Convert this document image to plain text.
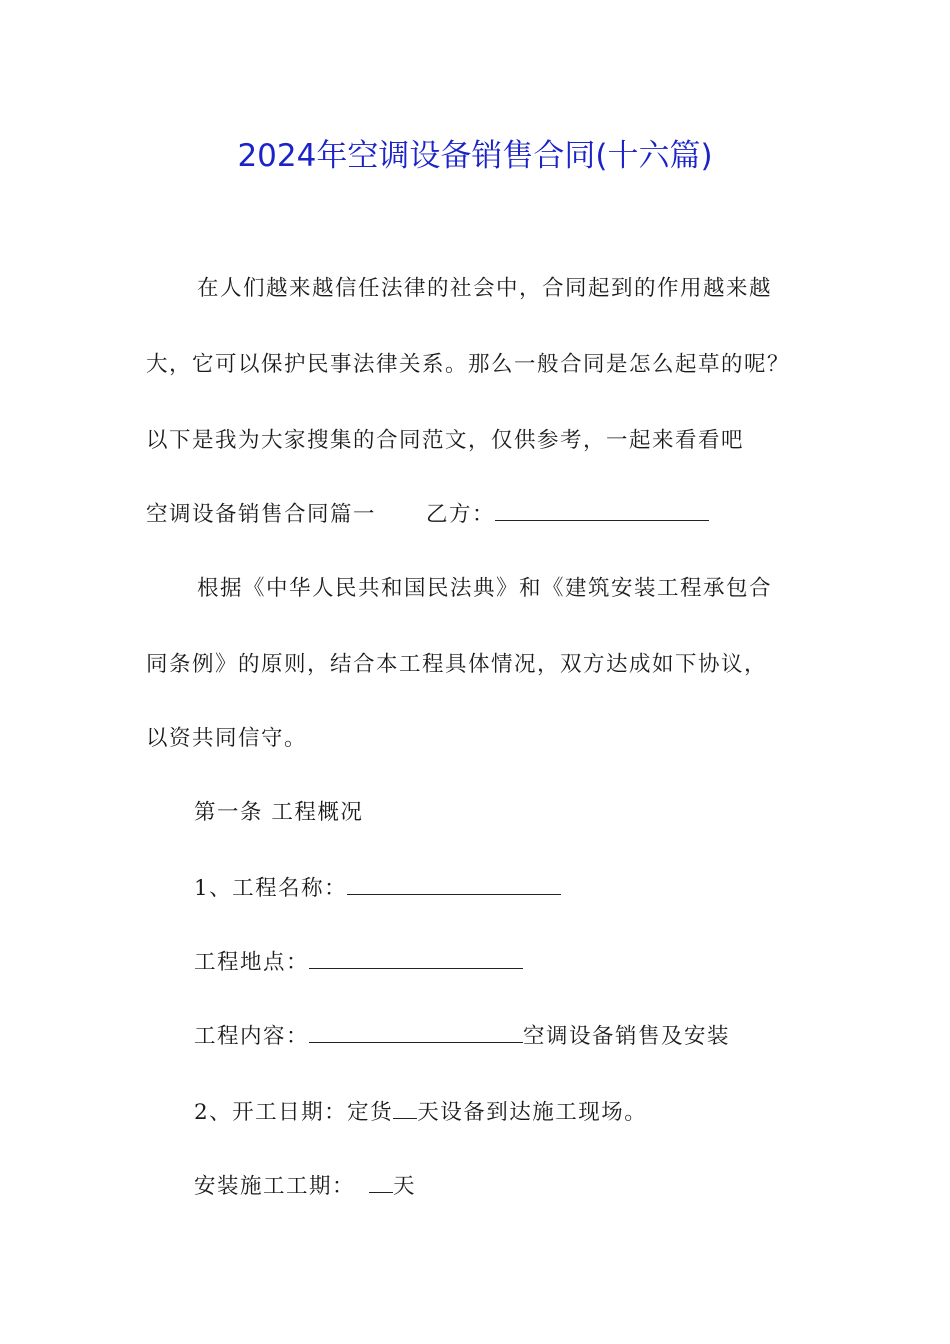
2024年空调设备销售合同(十六篇)
在人们越来越信任法律的社会中，合同起到的作用越来越
大，它可以保护民事法律关系。那么一般合同是怎么起草的呢？
以下是我为大家搜集的合同范文，仅供参考，一起来看看吧
空调设备销售合同篇一 乙方：
根据《中华人民共和国民法典》和《建筑安装工程承包合
同条例》的原则，结合本工程具体情况，双方达成如下协议，
以资共同信守。
第一条 工程概况
1、工程名称：
工程地点：
工程内容：	空调设备销售及安装
2、开工日期：定货 天设备到达施工现场。
安装施工工期： 天
